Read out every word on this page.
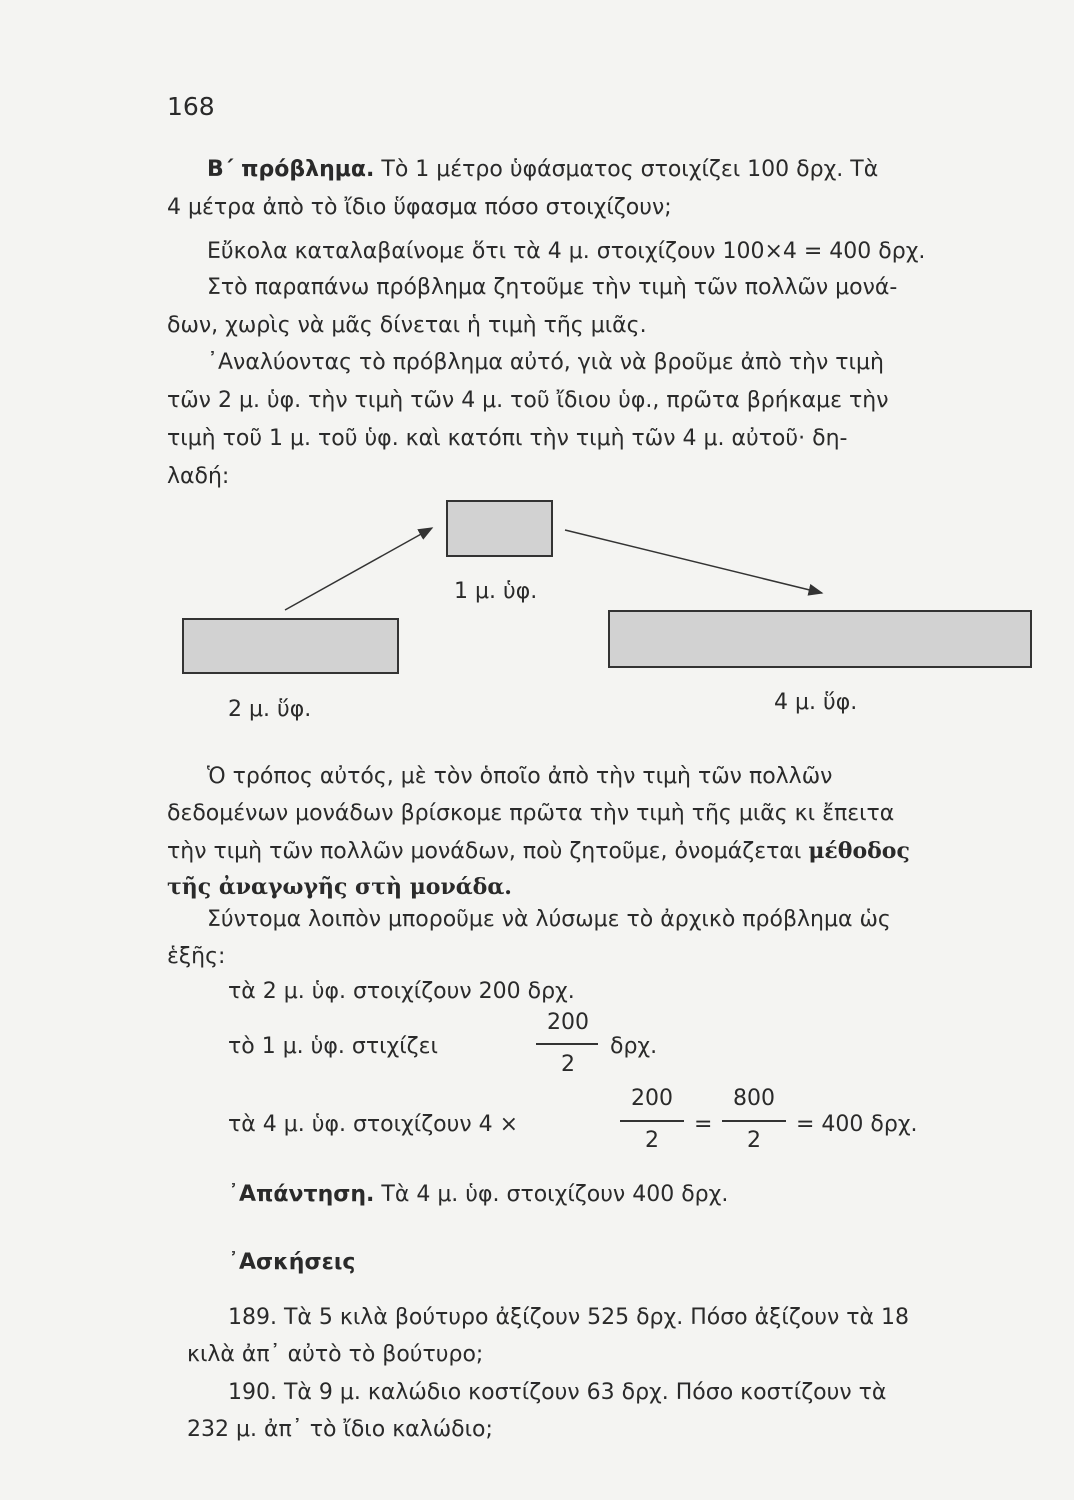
168
Β΄ πρόβλημα. Τὸ 1 μέτρο ὑφάσματος στοιχίζει 100 δρχ. Τὰ
4 μέτρα ἀπὸ τὸ ἴδιο ὕφασμα πόσο στοιχίζουν;
Εὔκολα καταλαβαίνομε ὅτι τὰ 4 μ. στοιχίζουν 100×4 = 400 δρχ.
Στὸ παραπάνω πρόβλημα ζητοῦμε τὴν τιμὴ τῶν πολλῶν μονά-
δων, χωρὶς νὰ μᾶς δίνεται ἡ τιμὴ τῆς μιᾶς.
᾿Αναλύοντας τὸ πρόβλημα αὐτό, γιὰ νὰ βροῦμε ἀπὸ τὴν τιμὴ
τῶν 2 μ. ὑφ. τὴν τιμὴ τῶν 4 μ. τοῦ ἴδιου ὑφ., πρῶτα βρήκαμε τὴν
τιμὴ τοῦ 1 μ. τοῦ ὑφ. καὶ κατόπι τὴν τιμὴ τῶν 4 μ. αὐτοῦ· δη-
λαδή:
1 μ. ὑφ.
2 μ. ὕφ.	4 μ. ὕφ.
Ὁ τρόπος αὐτός, μὲ τὸν ὁποῖο ἀπὸ τὴν τιμὴ τῶν πολλῶν
δεδομένων μονάδων βρίσκομε πρῶτα τὴν τιμὴ τῆς μιᾶς κι ἔπειτα
τὴν τιμὴ τῶν πολλῶν μονάδων, ποὺ ζητοῦμε, ὀνομάζεται μέθοδος
τῆς ἀναγωγῆς στὴ μονάδα.
Σύντομα λοιπὸν μποροῦμε νὰ λύσωμε τὸ ἀρχικὸ πρόβλημα ὡς
ἑξῆς:
τὰ 2 μ. ὑφ. στοιχίζουν 200 δρχ.
τὸ 1 μ. ὑφ. στιχίζει
200
2
δρχ.
τὰ 4 μ. ὑφ. στοιχίζουν 4 ×
200
2
=
800
2
= 400 δρχ.
᾿Απάντηση. Τὰ 4 μ. ὑφ. στοιχίζουν 400 δρχ.
᾿Ασκήσεις
189. Τὰ 5 κιλὰ βούτυρο ἀξίζουν 525 δρχ. Πόσο ἀξίζουν τὰ 18
κιλὰ ἀπ᾿ αὐτὸ τὸ βούτυρο;
190. Τὰ 9 μ. καλώδιο κοστίζουν 63 δρχ. Πόσο κοστίζουν τὰ
232 μ. ἀπ᾿ τὸ ἴδιο καλώδιο;
